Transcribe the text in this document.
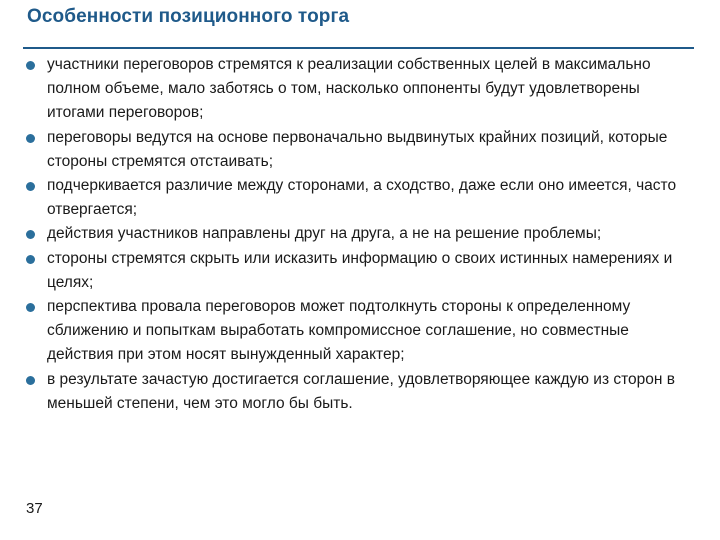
Особенности позиционного торга
участники переговоров стремятся к реализации собственных целей в максимально полном объеме, мало заботясь о том, насколько оппоненты будут удовлетворены итогами переговоров;
переговоры ведутся на основе первоначально выдвинутых крайних позиций, которые стороны стремятся отстаивать;
подчеркивается различие между сторонами, а сходство, даже если оно имеется, часто отвергается;
действия участников направлены друг на друга, а не на решение проблемы;
стороны стремятся скрыть или исказить информацию о своих истинных намерениях и целях;
перспектива провала переговоров может подтолкнуть стороны к определенному сближению и попыткам выработать компромиссное соглашение, но совместные действия при этом носят вынужденный характер;
в результате зачастую достигается соглашение, удовлетворяющее каждую из сторон в меньшей степени, чем это могло бы быть.
37
